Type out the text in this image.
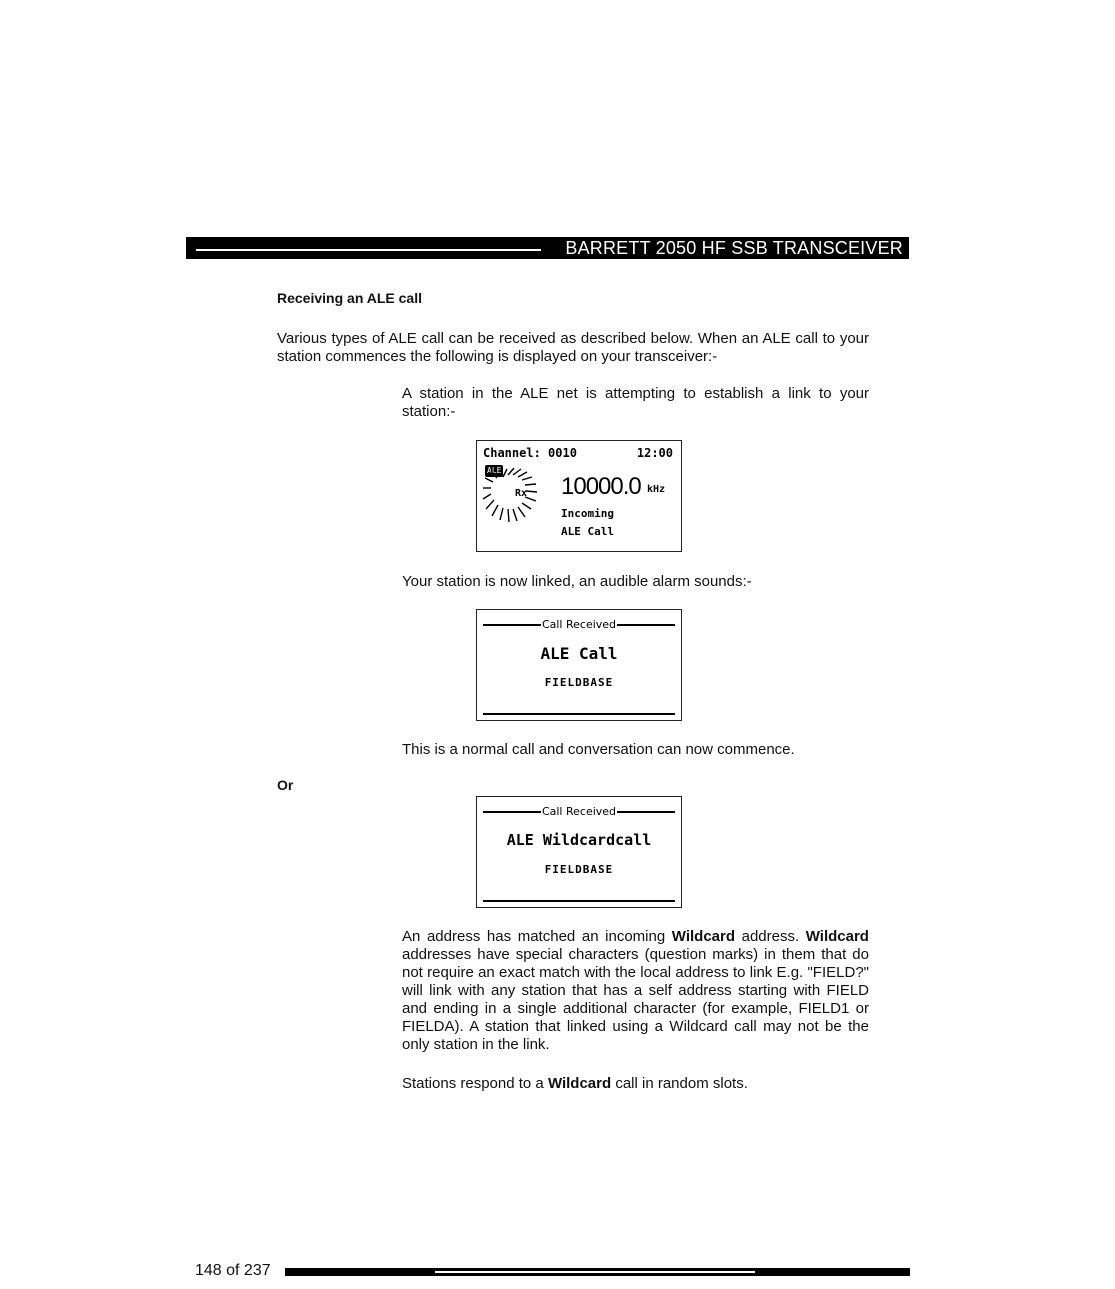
BARRETT 2050 HF SSB TRANSCEIVER
Receiving an ALE call
Various types of ALE call can be received as described below. When an ALE call to your station commences the following is displayed on your transceiver:-
A station in the ALE net is attempting to establish a link to your station:-
Channel: 0010	12:00
ALE
Rx 10000.0 kHz
Incoming
ALE Call
Your station is now linked, an audible alarm sounds:-
Call Received
ALE Call
FIELDBASE
This is a normal call and conversation can now commence.
Or
Call Received
ALE Wildcardcall
FIELDBASE
An address has matched an incoming Wildcard address. Wildcard addresses have special characters (question marks) in them that do not require an exact match with the local address to link E.g. "FIELD?" will link with any station that has a self address starting with FIELD and ending in a single additional character (for example, FIELD1 or FIELDA). A station that linked using a Wildcard call may not be the only station in the link.
Stations respond to a Wildcard call in random slots.
148 of 237
